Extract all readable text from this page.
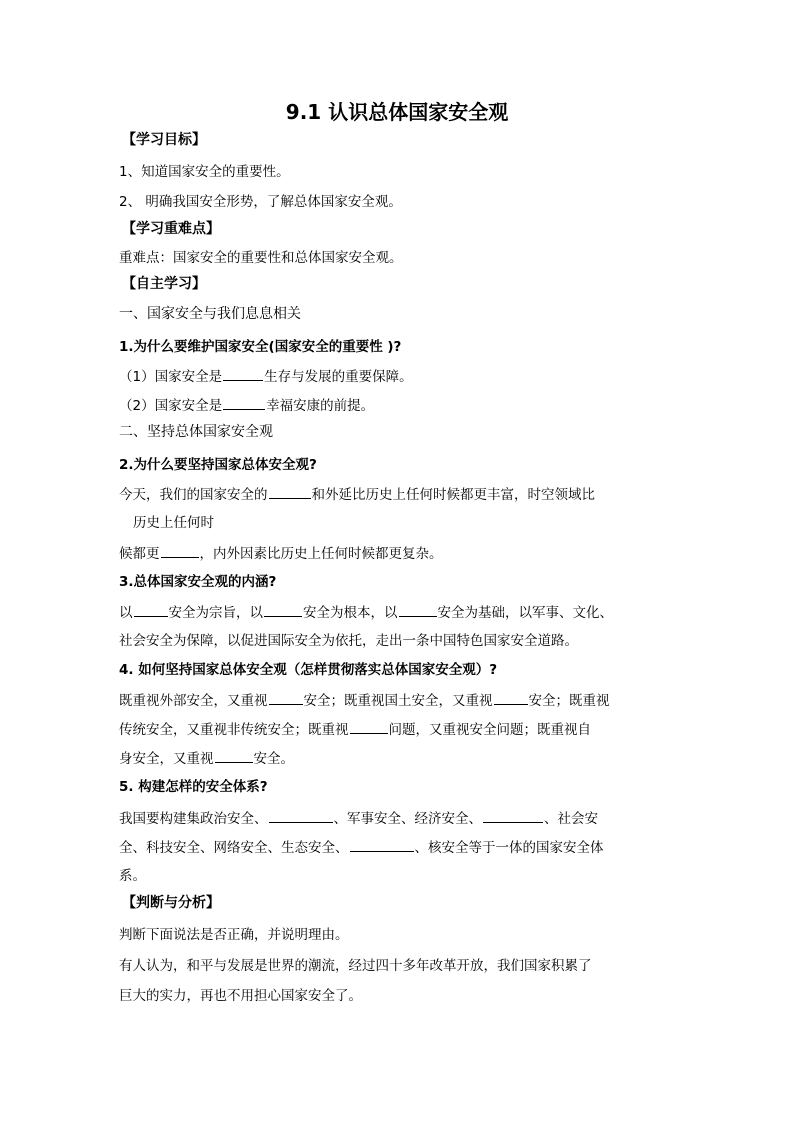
9.1 认识总体国家安全观
【学习目标】
1、知道国家安全的重要性。
2、 明确我国安全形势，了解总体国家安全观。
【学习重难点】
重难点：国家安全的重要性和总体国家安全观。
【自主学习】
一、国家安全与我们息息相关
1.为什么要维护国家安全(国家安全的重要性 )?
（1）国家安全是	生存与发展的重要保障。
（2）国家安全是	幸福安康的前提。
二、坚持总体国家安全观
2.为什么要坚持国家总体安全观?
今天，我们的国家安全的	和外延比历史上任何时候都更丰富，时空领域比
历史上任何时
候都更	，内外因素比历史上任何时候都更复杂。
3.总体国家安全观的内涵?
以	安全为宗旨，以	安全为根本，以	安全为基础，以军事、文化、
社会安全为保障，以促进国际安全为依托，走出一条中国特色国家安全道路。
4. 如何坚持国家总体安全观（怎样贯彻落实总体国家安全观）?
既重视外部安全，又重视	安全；既重视国土安全，又重视	安全；既重视
传统安全，又重视非传统安全；既重视	问题，又重视安全问题；既重视自
身安全，又重视	安全。
5. 构建怎样的安全体系?
我国要构建集政治安全、	、军事安全、经济安全、	、社会安
全、科技安全、网络安全、生态安全、	、核安全等于一体的国家安全体
系。
【判断与分析】
判断下面说法是否正确，并说明理由。
有人认为，和平与发展是世界的潮流，经过四十多年改革开放，我们国家积累了
巨大的实力，再也不用担心国家安全了。
